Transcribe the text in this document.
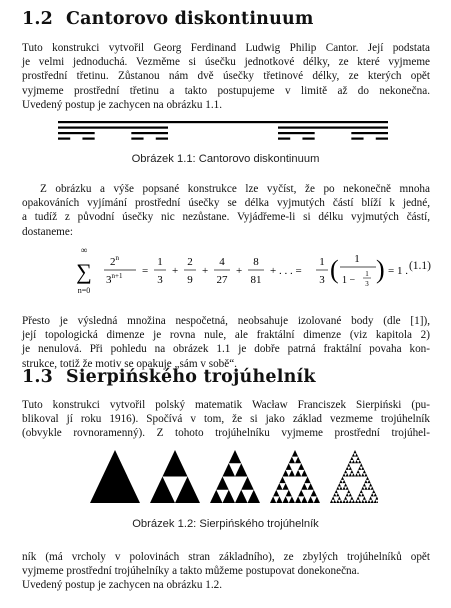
1.2 Cantorovo diskontinuum
Tuto konstrukci vytvořil Georg Ferdinand Ludwig Philip Cantor. Její podstata
je velmi jednoduchá. Vezměme si úsečku jednotkové délky, ze které vyjmeme
prostřední třetinu. Zůstanou nám dvě úsečky třetinové délky, ze kterých opět
vyjmeme prostřední třetinu a takto postupujeme v limitě až do nekonečna.
Uvedený postup je zachycen na obrázku 1.1.
Obrázek 1.1: Cantorovo diskontinuum
Z obrázku a výše popsané konstrukce lze vyčíst, že po nekonečně mnoha
opakováních vyjímání prostřední úsečky se délka vyjmutých částí blíží k jedné,
a tudíž z původní úsečky nic nezůstane. Vyjádřeme-li si délku vyjmutých částí,
dostaneme:
∞
∑
n=0
2$^n$
$3^{n+1}$ =
1
3
+
2
9
+
4
27
+
8
81
+ . . . =
1
3 ( 1
1 −
1
3 ) = 1 . (1.1)
Přesto je výsledná množina nespočetná, neobsahuje izolované body (dle [1]),
její topologická dimenze je rovna nule, ale fraktální dimenze (viz kapitola 2)
je nenulová. Při pohledu na obrázek 1.1 je dobře patrná fraktální povaha kon-
strukce, totiž že motiv se opakuje „sám v sobě“.
1.3 Sierpińského trojúhelník
Tuto konstrukci vytvořil polský matematik Wacław Franciszek Sierpiński (pu-
blikoval jí roku 1916). Spočívá v tom, že si jako základ vezmeme trojúhelník
(obvykle rovnoramenný). Z tohoto trojúhelníku vyjmeme prostřední trojúhel-
Obrázek 1.2: Sierpińského trojúhelník
ník (má vrcholy v polovinách stran základního), ze zbylých trojúhelníků opět
vyjmeme prostřední trojúhelníky a takto můžeme postupovat donekonečna.
Uvedený postup je zachycen na obrázku 1.2.
